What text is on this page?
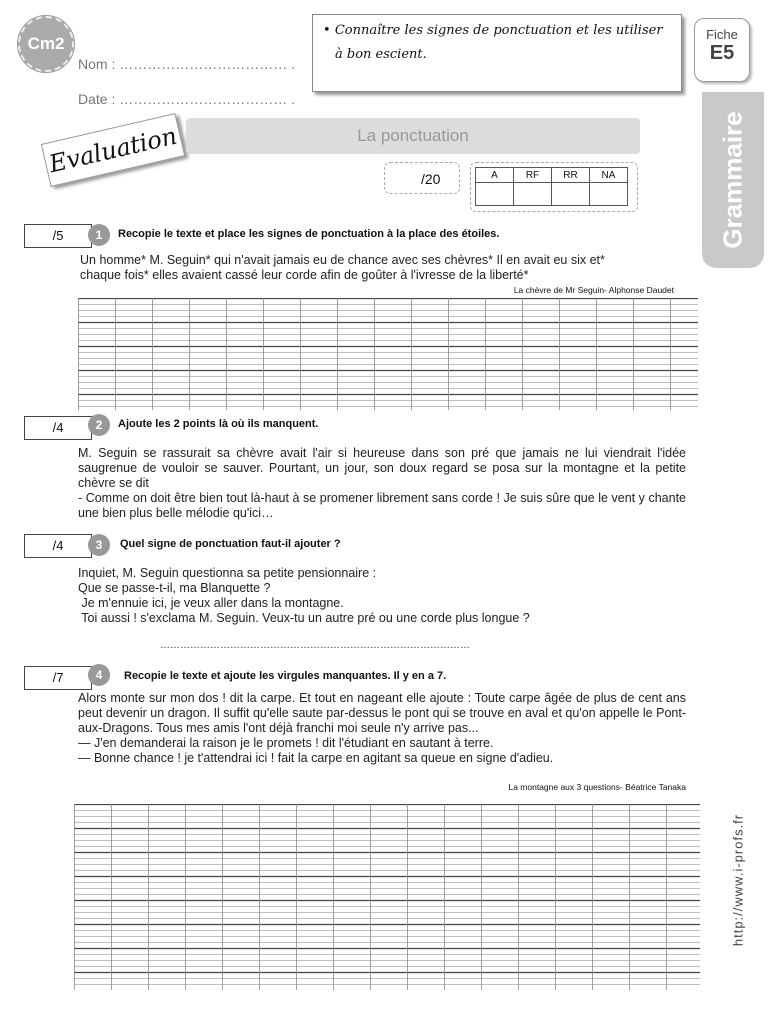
Cm2
Nom : ……………………………… .
Date : ……………………………… .
• Connaître les signes de ponctuation et les utiliser
à bon escient.
Fiche
E5
Grammaire
Evaluation	La ponctuation
/20	A	RF	RR	NA

/5	1	Recopie le texte et place les signes de ponctuation à la place des étoiles.
Un homme* M. Seguin* qui n'avait jamais eu de chance avec ses chèvres* Il en avait eu six et*
chaque fois* elles avaient cassé leur corde afin de goûter à l'ivresse de la liberté*
La chèvre de Mr Seguin- Alphonse Daudet
/4	2	Ajoute les 2 points là où ils manquent.
M. Seguin se rassurait sa chèvre avait l'air si heureuse dans son pré que jamais ne lui viendrait l'idée saugrenue de vouloir se sauver. Pourtant, un jour, son doux regard se posa sur la montagne et la petite chèvre se dit
- Comme on doit être bien tout là-haut à se promener librement sans corde ! Je suis sûre que le vent y chante une bien plus belle mélodie qu'ici…
/4	3	Quel signe de ponctuation faut-il ajouter ?
Inquiet, M. Seguin questionna sa petite pensionnaire :
Que se passe-t-il, ma Blanquette ?
Je m'ennuie ici, je veux aller dans la montagne.
Toi aussi ! s'exclama M. Seguin. Veux-tu un autre pré ou une corde plus longue ?
…………………………………………………………………………………
/7	4	Recopie le texte et ajoute les virgules manquantes. Il y en a 7.
Alors monte sur mon dos ! dit la carpe. Et tout en nageant elle ajoute : Toute carpe âgée de plus de cent ans peut devenir un dragon. Il suffit qu'elle saute par-dessus le pont qui se trouve en aval et qu'on appelle le Pont-aux-Dragons. Tous mes amis l'ont déjà franchi moi seule n'y arrive pas...
— J'en demanderai la raison je le promets ! dit l'étudiant en sautant à terre.
— Bonne chance ! je t'attendrai ici ! fait la carpe en agitant sa queue en signe d'adieu.
La montagne aux 3 questions- Béatrice Tanaka
http://www.i-profs.fr
